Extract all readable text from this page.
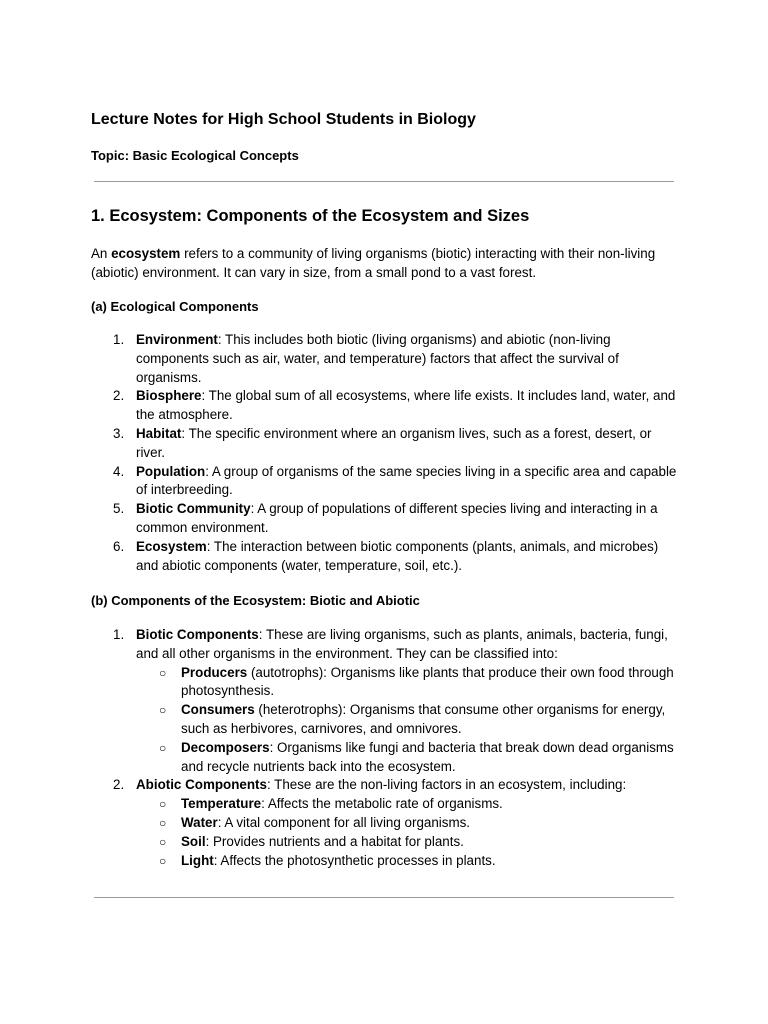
Lecture Notes for High School Students in Biology
Topic: Basic Ecological Concepts
1. Ecosystem: Components of the Ecosystem and Sizes

An ecosystem refers to a community of living organisms (biotic) interacting with their non-living (abiotic) environment. It can vary in size, from a small pond to a vast forest.

(a) Ecological Components
1. Environment: This includes both biotic (living organisms) and abiotic (non-living components such as air, water, and temperature) factors that affect the survival of organisms.
2. Biosphere: The global sum of all ecosystems, where life exists. It includes land, water, and the atmosphere.
3. Habitat: The specific environment where an organism lives, such as a forest, desert, or river.
4. Population: A group of organisms of the same species living in a specific area and capable of interbreeding.
5. Biotic Community: A group of populations of different species living and interacting in a common environment.
6. Ecosystem: The interaction between biotic components (plants, animals, and microbes) and abiotic components (water, temperature, soil, etc.).
(b) Components of the Ecosystem: Biotic and Abiotic
1. Biotic Components: These are living organisms, such as plants, animals, bacteria, fungi, and all other organisms in the environment. They can be classified into:
○ Producers (autotrophs): Organisms like plants that produce their own food through photosynthesis.
○ Consumers (heterotrophs): Organisms that consume other organisms for energy, such as herbivores, carnivores, and omnivores.
○ Decomposers: Organisms like fungi and bacteria that break down dead organisms and recycle nutrients back into the ecosystem.
2. Abiotic Components: These are the non-living factors in an ecosystem, including:
○ Temperature: Affects the metabolic rate of organisms.
○ Water: A vital component for all living organisms.
○ Soil: Provides nutrients and a habitat for plants.
○ Light: Affects the photosynthetic processes in plants.
